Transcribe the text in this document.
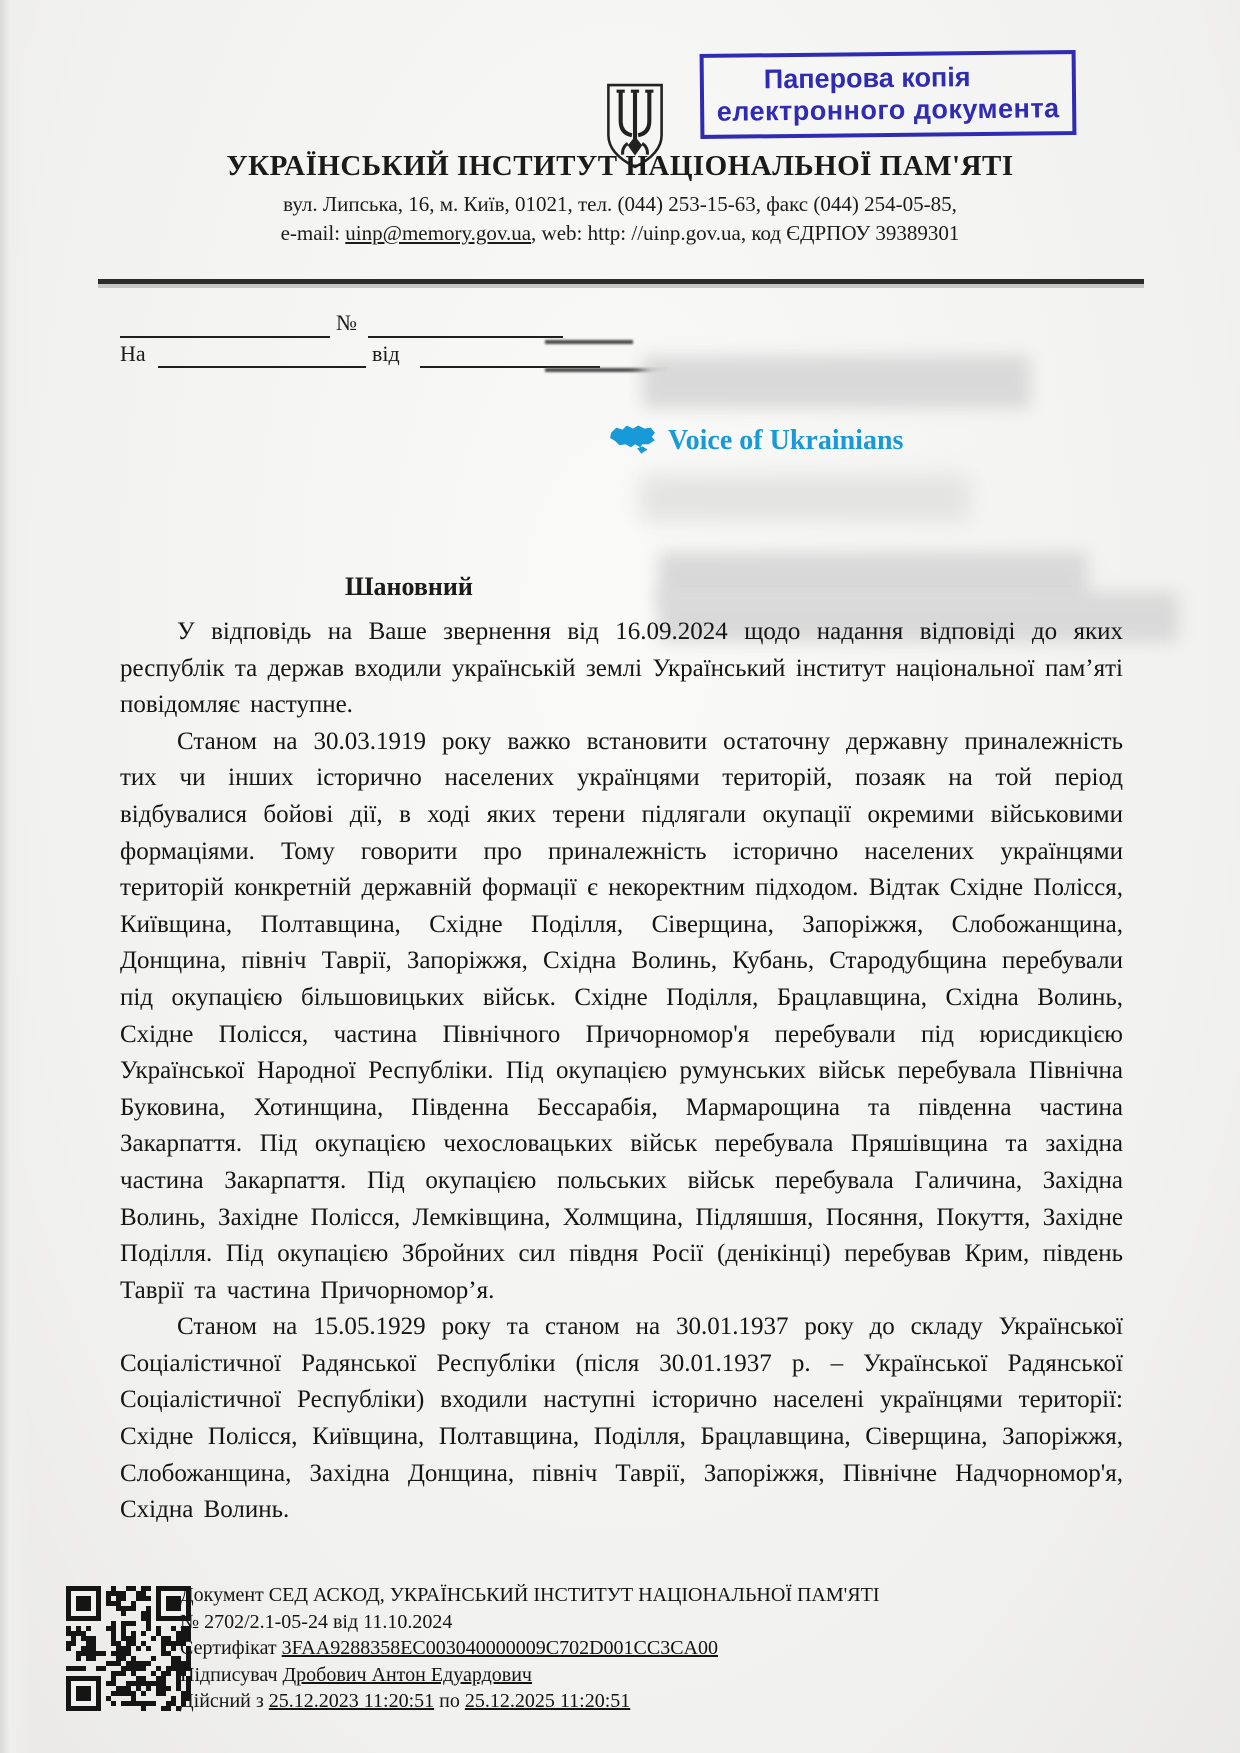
Паперова копія
електронного документа
УКРАЇНСЬКИЙ ІНСТИТУТ НАЦІОНАЛЬНОЇ ПАМ'ЯТІ
вул. Липська, 16, м. Київ, 01021, тел. (044) 253-15-63, факс (044) 254-05-85,
e-mail: uinp@memory.gov.ua, web: http: //uinp.gov.ua, код ЄДРПОУ 39389301
№
На	від
Voice of Ukrainians
Шановний

У відповідь на Ваше звернення від 16.09.2024 щодо надання відповіді до яких республік та держав входили українській землі Український інститут національної пам’яті повідомляє наступне.

Станом на 30.03.1919 року важко встановити остаточну державну приналежність тих чи інших історично населених українцями територій, позаяк на той період відбувалися бойові дії, в ході яких терени підлягали окупації окремими військовими формаціями. Тому говорити про приналежність історично населених українцями територій конкретній державній формації є некоректним підходом. Відтак Східне Полісся, Київщина, Полтавщина, Східне Поділля, Сіверщина, Запоріжжя, Слобожанщина, Донщина, північ Таврії, Запоріжжя, Східна Волинь, Кубань, Стародубщина перебували під окупацією більшовицьких військ. Східне Поділля, Брацлавщина, Східна Волинь, Східне Полісся, частина Північного Причорномор'я перебували під юрисдикцією Української Народної Республіки. Під окупацією румунських військ перебувала Північна Буковина, Хотинщина, Південна Бессарабія, Мармарощина та південна частина Закарпаття. Під окупацією чехословацьких військ перебувала Пряшівщина та західна частина Закарпаття. Під окупацією польських військ перебувала Галичина, Західна Волинь, Західне Полісся, Лемківщина, Холмщина, Підляшшя, Посяння, Покуття, Західне Поділля. Під окупацією Збройних сил півдня Росії (денікінці) перебував Крим, південь Таврії та частина Причорномор’я.

Станом на 15.05.1929 року та станом на 30.01.1937 року до складу Української Соціалістичної Радянської Республіки (після 30.01.1937 р. – Української Радянської Соціалістичної Республіки) входили наступні історично населені українцями території: Східне Полісся, Київщина, Полтавщина, Поділля, Брацлавщина, Сіверщина, Запоріжжя, Слобожанщина, Західна Донщина, північ Таврії, Запоріжжя, Північне Надчорномор'я, Східна Волинь.

Документ СЕД АСКОД, УКРАЇНСЬКИЙ ІНСТИТУТ НАЦІОНАЛЬНОЇ ПАМ'ЯТІ
№ 2702/2.1-05-24 від 11.10.2024
Сертифікат 3FAA9288358EC003040000009C702D001CC3CA00
Підписувач Дробович Антон Едуардович
Дійсний з 25.12.2023 11:20:51 по 25.12.2025 11:20:51
